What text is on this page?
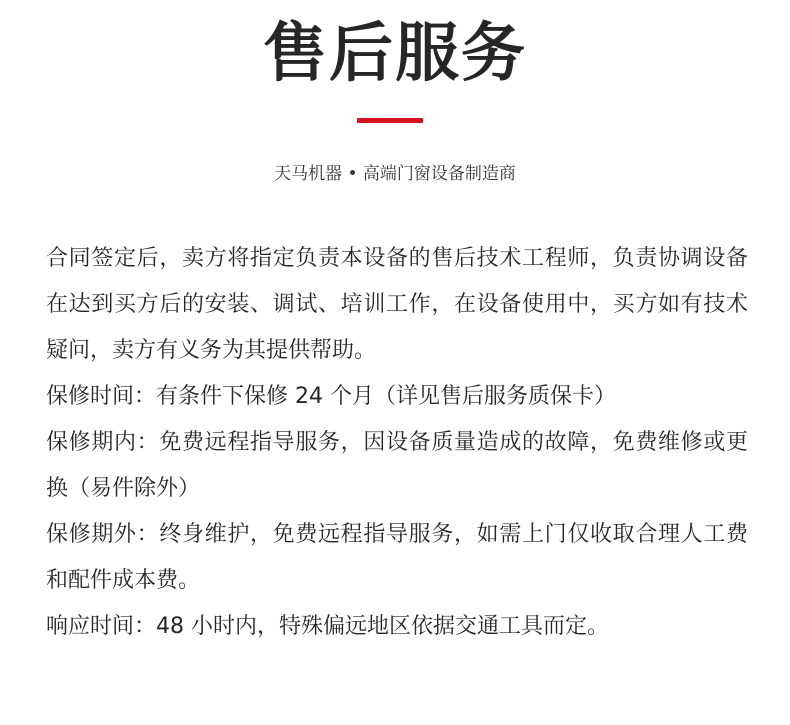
售后服务
天马机器 • 高端门窗设备制造商

合同签定后，卖方将指定负责本设备的售后技术工程师，负责协调设备在达到买方后的安装、调试、培训工作，在设备使用中，买方如有技术疑问，卖方有义务为其提供帮助。

保修时间：有条件下保修 24 个月（详见售后服务质保卡）

保修期内：免费远程指导服务，因设备质量造成的故障，免费维修或更换（易件除外）

保修期外：终身维护，免费远程指导服务，如需上门仅收取合理人工费和配件成本费。

响应时间：48 小时内，特殊偏远地区依据交通工具而定。
